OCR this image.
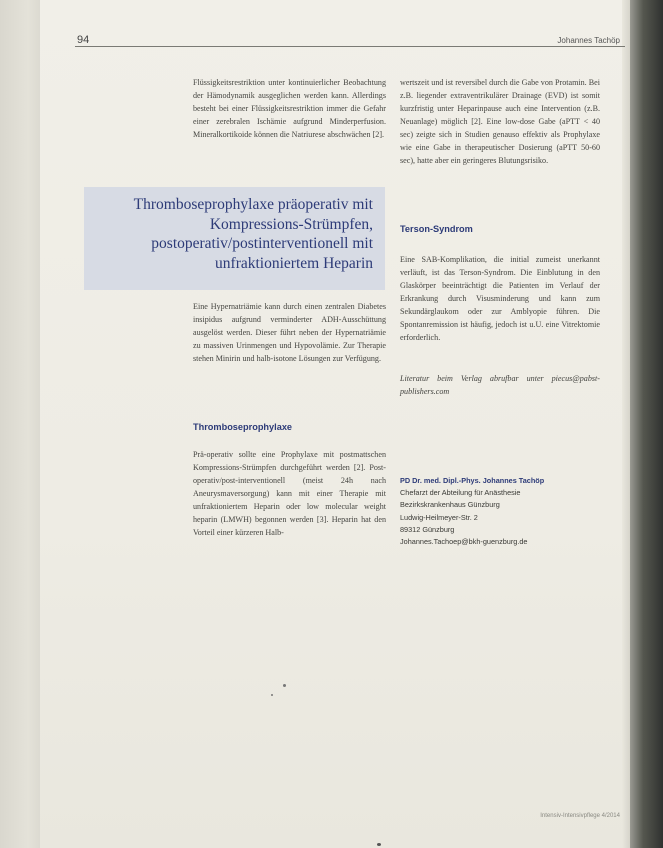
94	Johannes Tachöp

Flüssigkeitsrestriktion unter kontinuierlicher Beobachtung der Hämodynamik ausgeglichen werden kann. Allerdings besteht bei einer Flüssigkeitsrestriktion immer die Gefahr einer zerebralen Ischämie aufgrund Minderperfusion. Mineralkortikoide können die Natriurese abschwächen [2].

Thromboseprophylaxe präoperativ mit Kompressions-Strümpfen, postoperativ/postinterventionell mit unfraktioniertem Heparin

Eine Hypernatriämie kann durch einen zentralen Diabetes insipidus aufgrund verminderter ADH-Ausschüttung ausgelöst werden. Dieser führt neben der Hypernatriämie zu massiven Urinmengen und Hypovolämie. Zur Therapie stehen Minirin und halb-isotone Lösungen zur Verfügung.

Thromboseprophylaxe

Prä-operativ sollte eine Prophylaxe mit postmattschen Kompressions-Strümpfen durchgeführt werden [2]. Post-operativ/post-interventionell (meist 24h nach Aneurysmaversorgung) kann mit einer Therapie mit unfraktioniertem Heparin oder low molecular weight heparin (LMWH) begonnen werden [3]. Heparin hat den Vorteil einer kürzeren Halb-

wertszeit und ist reversibel durch die Gabe von Protamin. Bei z.B. liegender extraventrikulärer Drainage (EVD) ist somit kurzfristig unter Heparinpause auch eine Intervention (z.B. Neuanlage) möglich [2]. Eine low-dose Gabe (aPTT < 40 sec) zeigte sich in Studien genauso effektiv als Prophylaxe wie eine Gabe in therapeutischer Dosierung (aPTT 50-60 sec), hatte aber ein geringeres Blutungsrisiko.

Terson-Syndrom

Eine SAB-Komplikation, die initial zumeist unerkannt verläuft, ist das Terson-Syndrom. Die Einblutung in den Glaskörper beeinträchtigt die Patienten im Verlauf der Erkrankung durch Visusminderung und kann zum Sekundärglaukom oder zur Amblyopie führen. Die Spontanremission ist häufig, jedoch ist u.U. eine Vitrektomie erforderlich.

Literatur beim Verlag abrufbar unter piecus@pabst-publishers.com

PD Dr. med. Dipl.-Phys. Johannes Tachöp
Chefarzt der Abteilung für Anästhesie
Bezirkskrankenhaus Günzburg
Ludwig-Heilmeyer-Str. 2
89312 Günzburg
Johannes.Tachoep@bkh-guenzburg.de
Intensiv-Intensivpflege 4/2014
